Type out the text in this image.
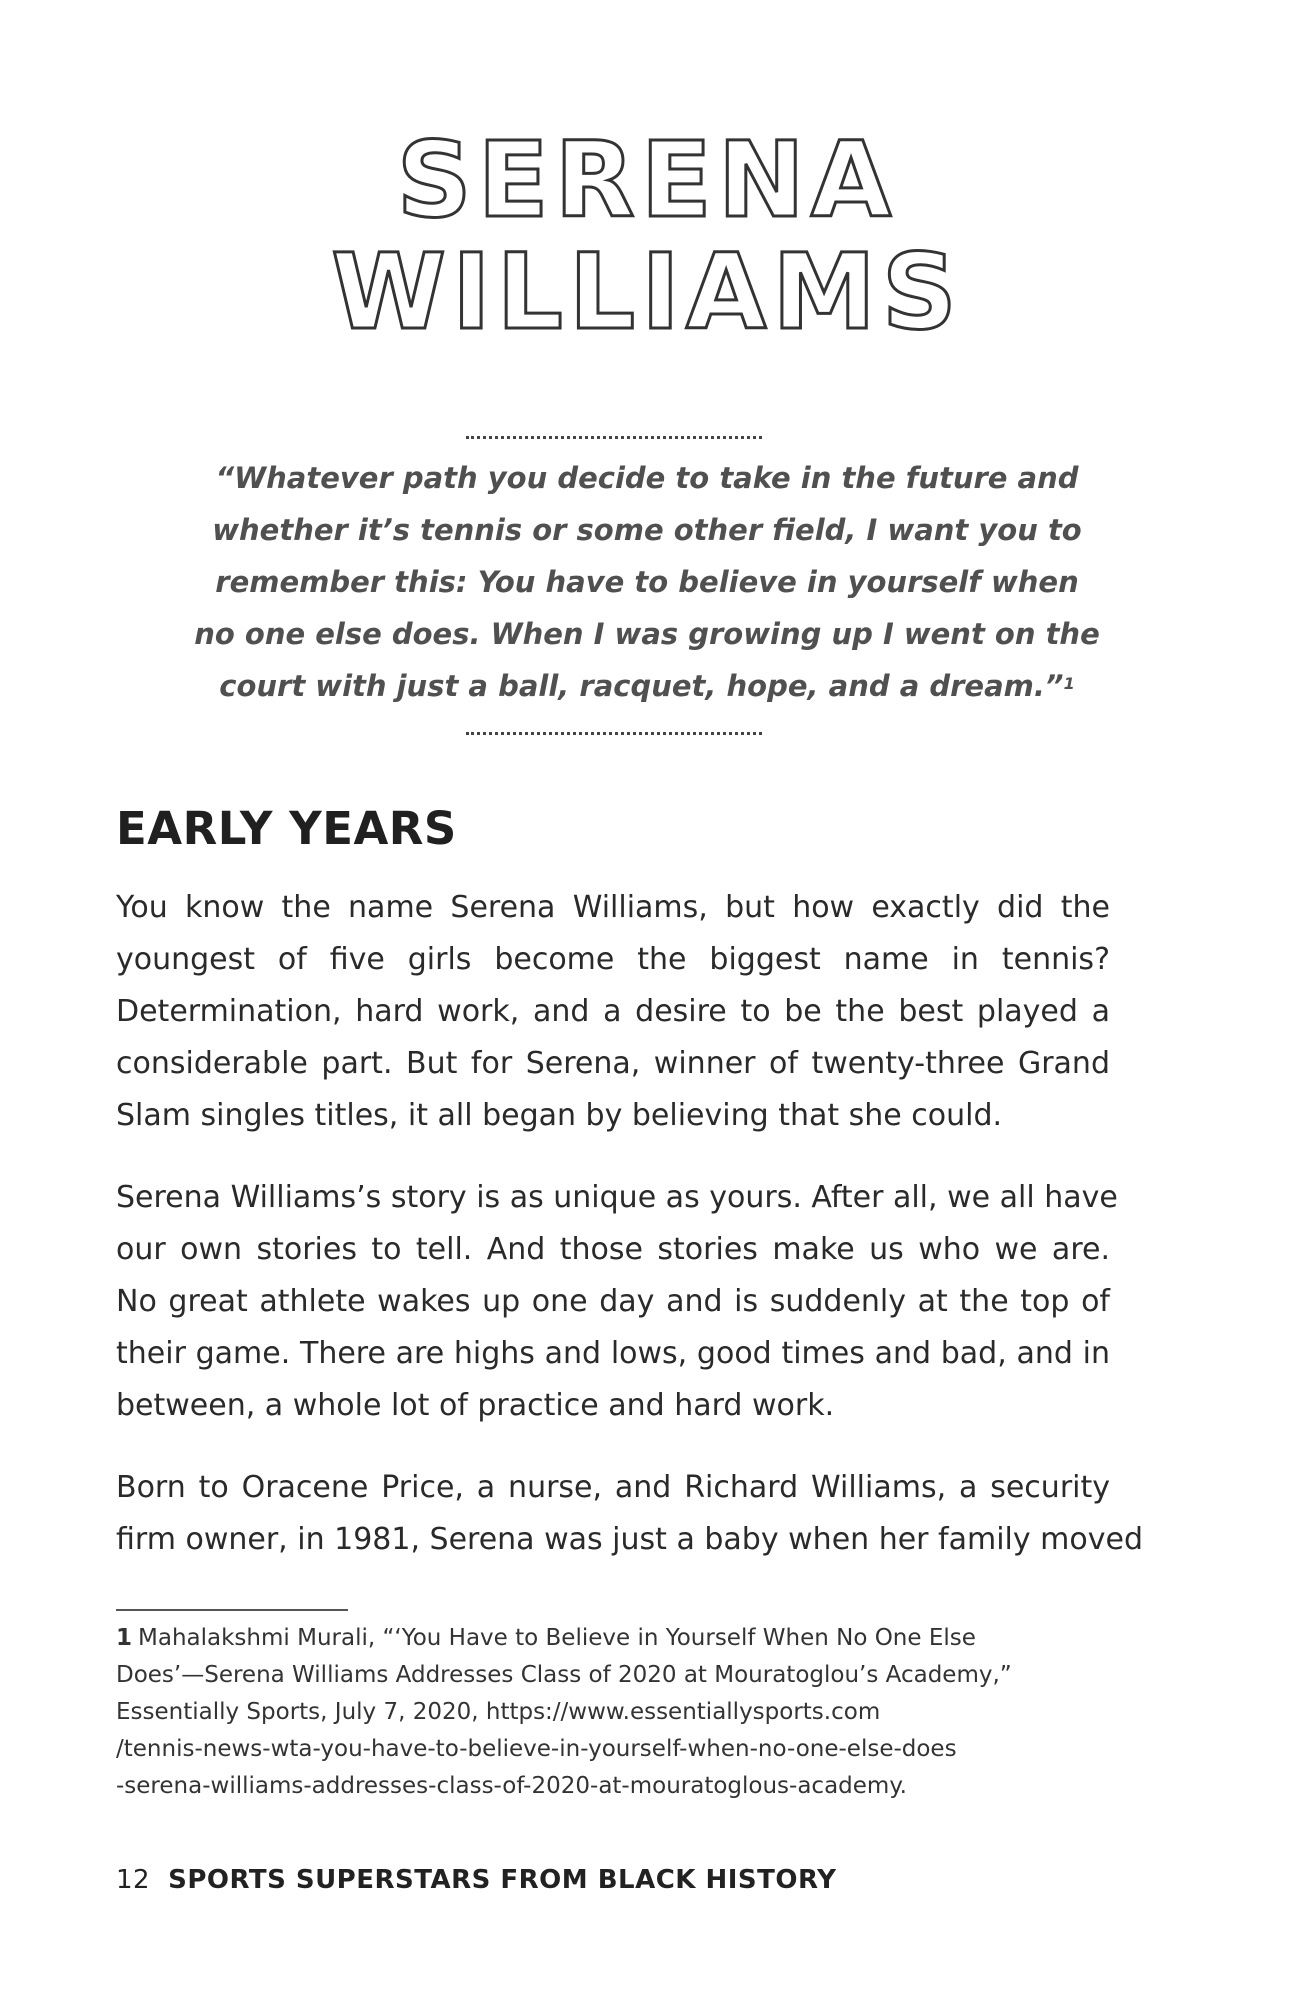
SERENA
WILLIAMS
“Whatever path you decide to take in the future and
whether it’s tennis or some other field, I want you to
remember this: You have to believe in yourself when
no one else does. When I was growing up I went on the
court with just a ball, racquet, hope, and a dream.”$^1$
EARLY YEARS
You know the name Serena Williams, but how exactly did the
youngest of five girls become the biggest name in tennis?
Determination, hard work, and a desire to be the best played a
considerable part. But for Serena, winner of twenty-three Grand
Slam singles titles, it all began by believing that she could.
Serena Williams’s story is as unique as yours. After all, we all have
our own stories to tell. And those stories make us who we are.
No great athlete wakes up one day and is suddenly at the top of
their game. There are highs and lows, good times and bad, and in
between, a whole lot of practice and hard work.
Born to Oracene Price, a nurse, and Richard Williams, a security
firm owner, in 1981, Serena was just a baby when her family moved
1 Mahalakshmi Murali, “‘You Have to Believe in Yourself When No One Else
Does’—Serena Williams Addresses Class of 2020 at Mouratoglou’s Academy,”
Essentially Sports, July 7, 2020, https://www.essentiallysports.com
/tennis-news-wta-you-have-to-believe-in-yourself-when-no-one-else-does
-serena-williams-addresses-class-of-2020-at-mouratoglous-academy.
12 SPORTS SUPERSTARS FROM BLACK HISTORY
